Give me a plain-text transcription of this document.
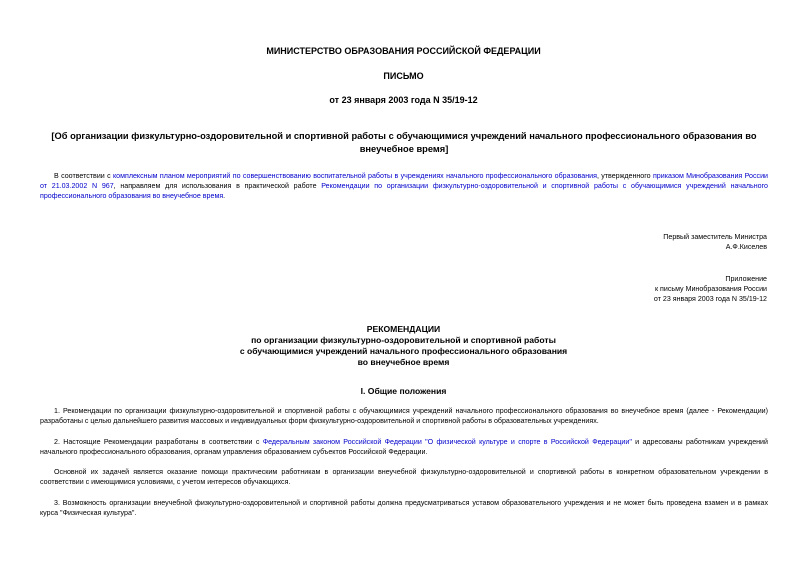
МИНИСТЕРСТВО ОБРАЗОВАНИЯ РОССИЙСКОЙ ФЕДЕРАЦИИ
ПИСЬМО
от 23 января 2003 года N 35/19-12
[Об организации физкультурно-оздоровительной и спортивной работы с обучающимися учреждений начального профессионального образования во внеучебное время]
В соответствии с комплексным планом мероприятий по совершенствованию воспитательной работы в учреждениях начального профессионального образования, утвержденного приказом Минобразования России от 21.03.2002 N 967, направляем для использования в практической работе Рекомендации по организации физкультурно-оздоровительной и спортивной работы с обучающимися учреждений начального профессионального образования во внеучебное время.
Первый заместитель Министра
А.Ф.Киселев
Приложение
к письму Минобразования России
от 23 января 2003 года N 35/19-12
РЕКОМЕНДАЦИИ
по организации физкультурно-оздоровительной и спортивной работы
с обучающимися учреждений начального профессионального образования
во внеучебное время
I. Общие положения
1. Рекомендации по организации физкультурно-оздоровительной и спортивной работы с обучающимися учреждений начального профессионального образования во внеучебное время (далее - Рекомендации) разработаны с целью дальнейшего развития массовых и индивидуальных форм физкультурно-оздоровительной и спортивной работы в образовательных учреждениях.
2. Настоящие Рекомендации разработаны в соответствии с Федеральным законом Российской Федерации "О физической культуре и спорте в Российской Федерации" и адресованы работникам учреждений начального профессионального образования, органам управления образованием субъектов Российской Федерации.
Основной их задачей является оказание помощи практическим работникам в организации внеучебной физкультурно-оздоровительной и спортивной работы в конкретном образовательном учреждении в соответствии с имеющимися условиями, с учетом интересов обучающихся.
3. Возможность организации внеучебной физкультурно-оздоровительной и спортивной работы должна предусматриваться уставом образовательного учреждения и не может быть проведена взамен и в рамках курса "Физическая культура".
